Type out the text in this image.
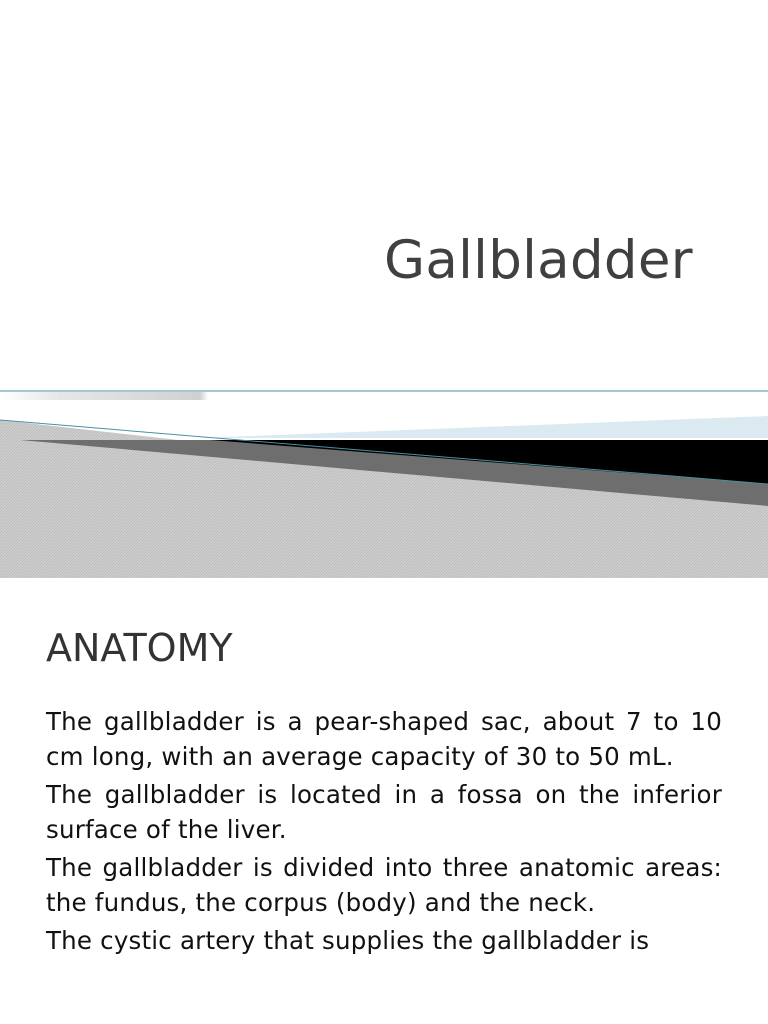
Gallbladder
ANATOMY

The gallbladder is a pear-shaped sac, about 7 to 10 cm long, with an average capacity of 30 to 50 mL.

The gallbladder is located in a fossa on the inferior surface of the liver.

The gallbladder is divided into three anatomic areas: the fundus, the corpus (body) and the neck.

The cystic artery that supplies the gallbladder is
